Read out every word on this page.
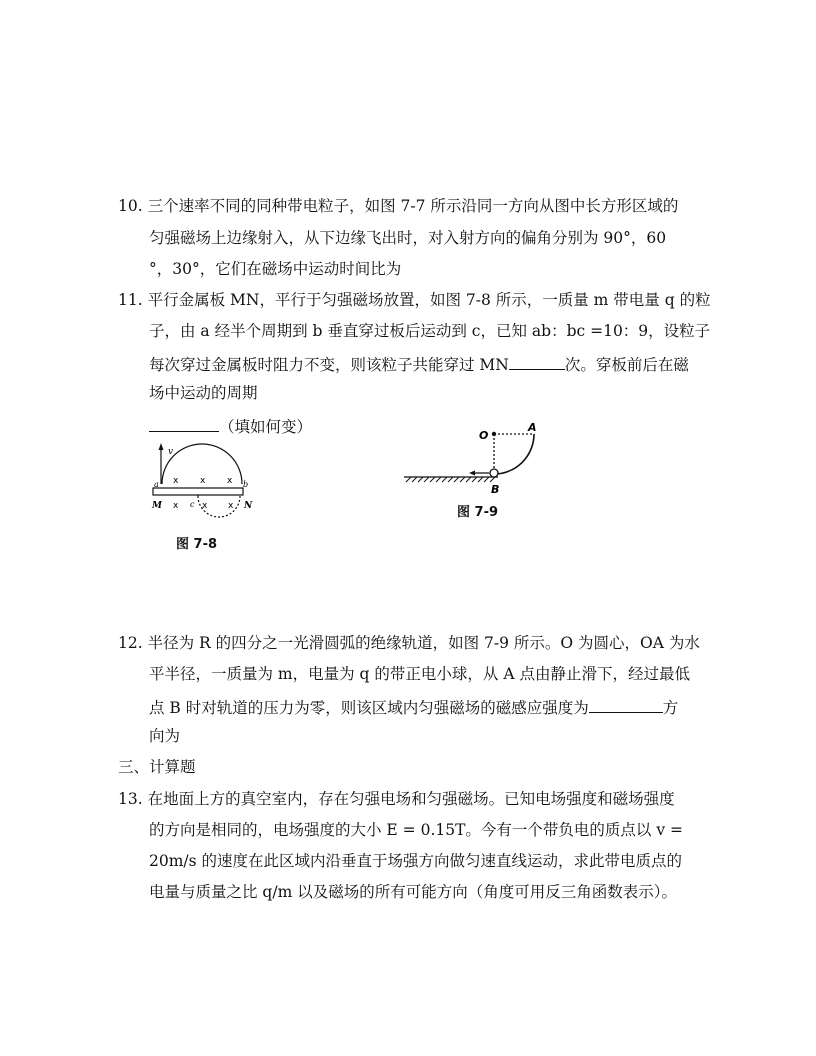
10. 三个速率不同的同种带电粒子，如图 7-7 所示沿同一方向从图中长方形区域的
匀强磁场上边缘射入，从下边缘飞出时，对入射方向的偏角分别为 90°，60
°，30°，它们在磁场中运动时间比为
11. 平行金属板 MN，平行于匀强磁场放置，如图 7-8 所示，一质量 m 带电量 q 的粒
子，由 a 经半个周期到 b 垂直穿过板后运动到 c，已知 ab：bc =10：9，设粒子
每次穿过金属板时阻力不变，则该粒子共能穿过 MN	次。穿板前后在磁
场中运动的周期
（填如何变）
v
a	b
c
M	N
x x x
x	x x
图 7-8
O
A
B
图 7-9
12. 半径为 R 的四分之一光滑圆弧的绝缘轨道，如图 7-9 所示。O 为圆心，OA 为水
平半径，一质量为 m，电量为 q 的带正电小球，从 A 点由静止滑下，经过最低
点 B 时对轨道的压力为零，则该区域内匀强磁场的磁感应强度为	方
向为
三、计算题
13. 在地面上方的真空室内，存在匀强电场和匀强磁场。已知电场强度和磁场强度
的方向是相同的，电场强度的大小 E = 0.15T。今有一个带负电的质点以 v =
20m/s 的速度在此区域内沿垂直于场强方向做匀速直线运动，求此带电质点的
电量与质量之比 q/m 以及磁场的所有可能方向（角度可用反三角函数表示）。
